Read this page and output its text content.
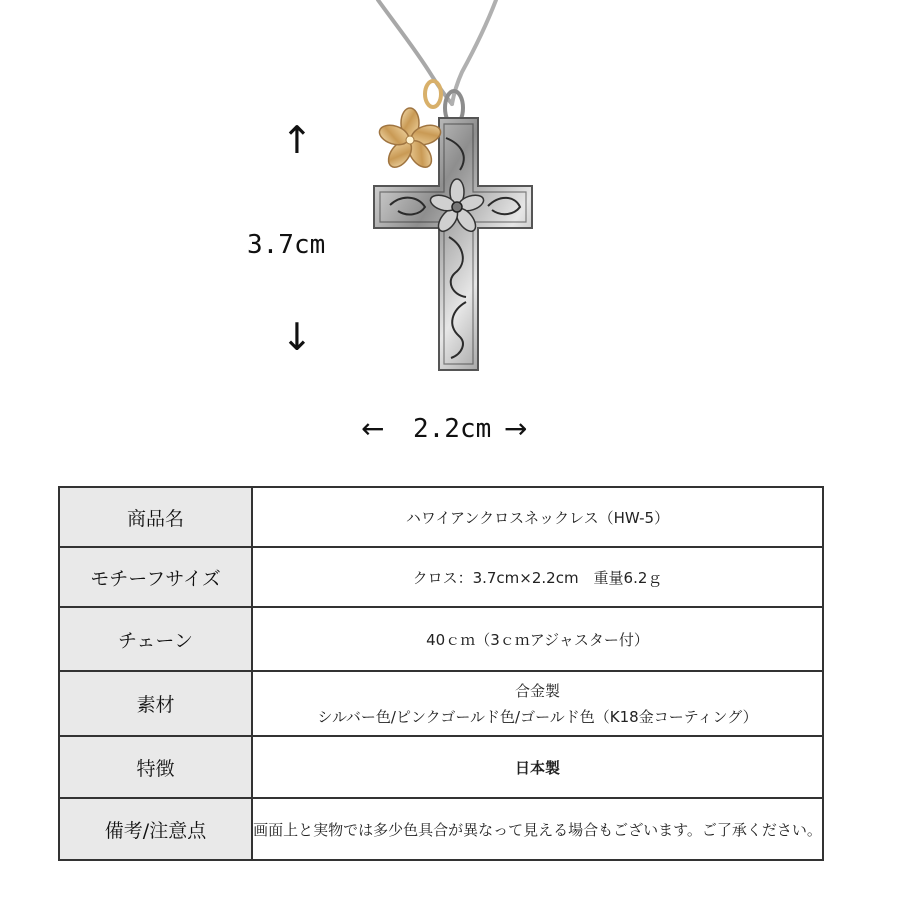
↑
3.7cm
↓
← 2.2cm →
商品名	ハワイアンクロスネックレス（HW-5）
モチーフサイズ	クロス：3.7cm×2.2cm　重量6.2ｇ
チェーン	40ｃｍ（3ｃｍアジャスター付）
素材	合金製
シルバー色/ピンクゴールド色/ゴールド色（K18金コーティング）

特徴	日本製
備考/注意点	画面上と実物では多少色具合が異なって見える場合もございます。ご了承ください。
